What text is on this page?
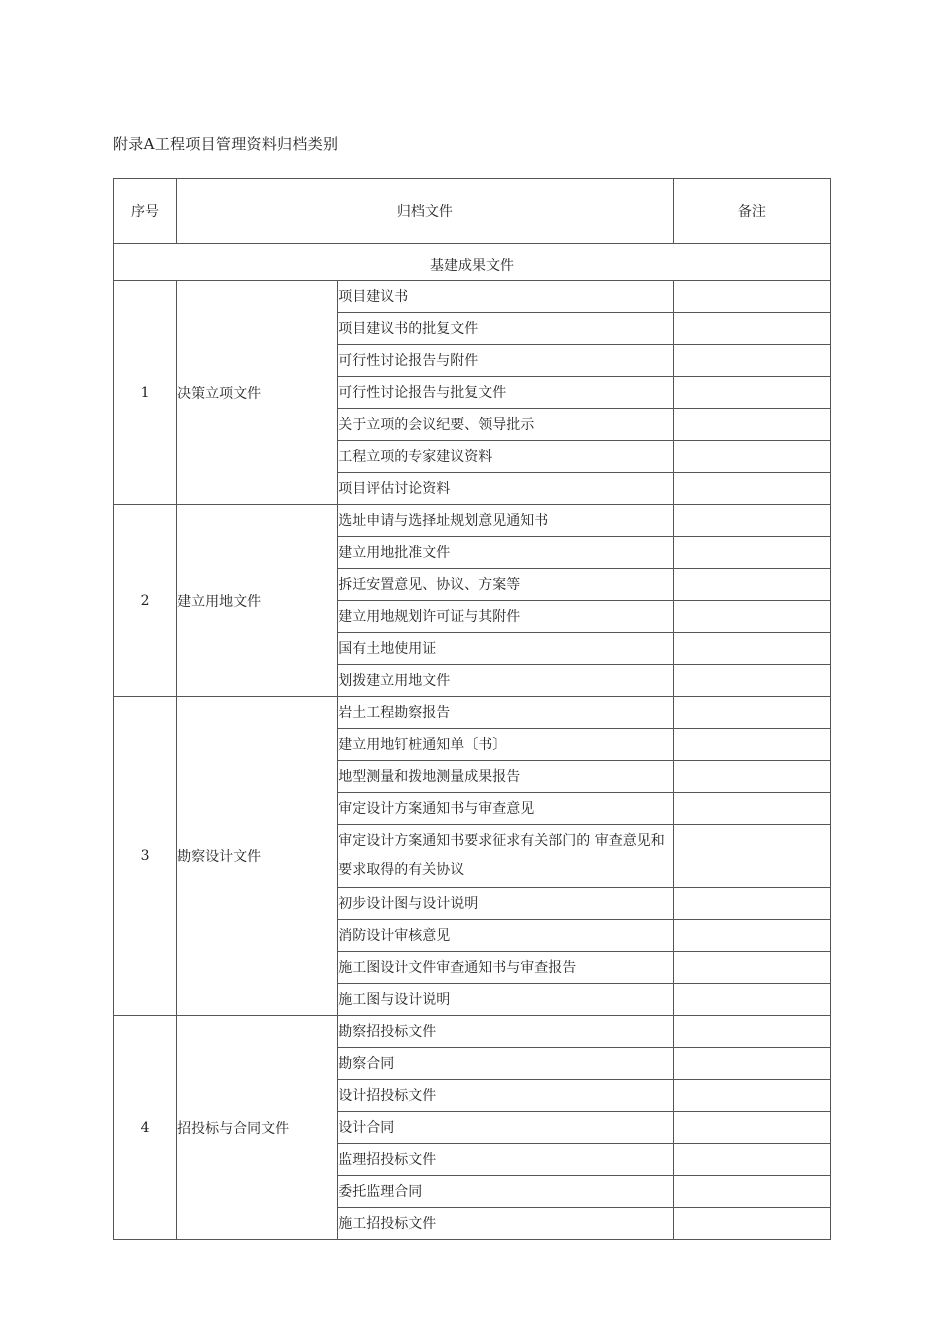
附录A工程项目管理资料归档类别
序号	归档文件		备注
基建成果文件			
1	决策立项文件	项目建议书	
		项目建议书的批复文件	
		可行性讨论报告与附件	
		可行性讨论报告与批复文件	
		关于立项的会议纪要、领导批示	
		工程立项的专家建议资料	
		项目评估讨论资料	
2	建立用地文件	选址申请与选择址规划意见通知书	
		建立用地批准文件	
		拆迁安置意见、协议、方案等	
		建立用地规划许可证与其附件	
		国有土地使用证	
		划拨建立用地文件	
3	勘察设计文件	岩土工程勘察报告	
		建立用地钉桩通知单〔书〕	
		地型测量和拨地测量成果报告	
		审定设计方案通知书与审查意见	
		审定设计方案通知书要求征求有关部门的 审查意见和要求取得的有关协议	
		初步设计图与设计说明	
		消防设计审核意见	
		施工图设计文件审查通知书与审查报告	
		施工图与设计说明	
4	招投标与合同文件	勘察招投标文件	
		勘察合同	
		设计招投标文件	
		设计合同	
		监理招投标文件	
		委托监理合同	
		施工招投标文件	
